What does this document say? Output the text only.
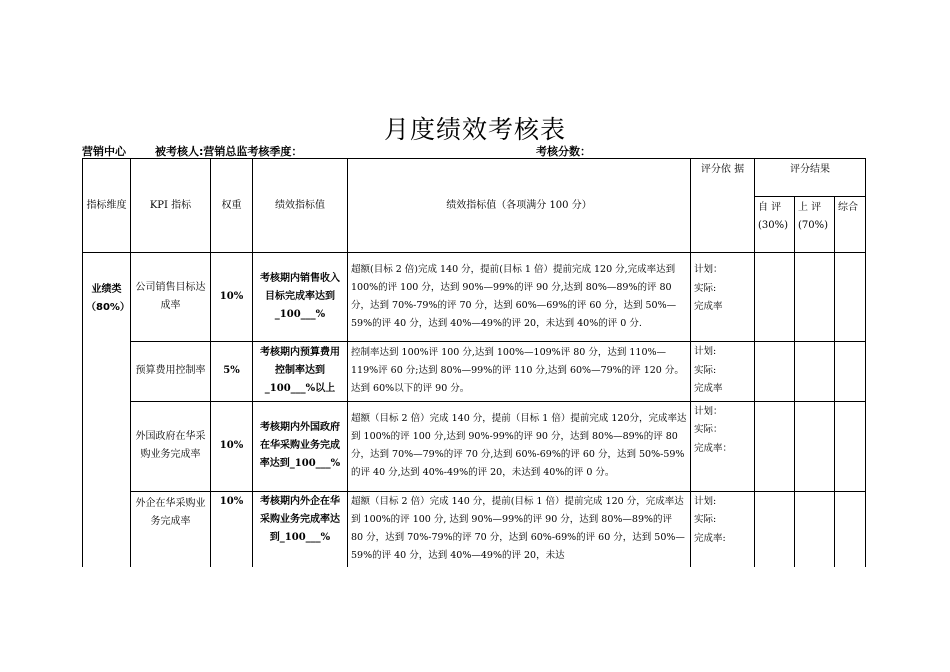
月度绩效考核表
营销中心	被考核人:营销总监考核季度：	考核分数：
指标维度	KPI 指标	权重	绩效指标值	绩效指标值（各项满分 100 分）	评分依 据	评分结果		
						自 评(30%)	上 评(70%)	综合
业绩类（80%）	公司销售目标达成率	10%	考核期内销售收入目标完成率达到_100___%	超额(目标 2 倍)完成 140 分，提前(目标 1 倍）提前完成 120 分,完成率达到 100%的评 100 分，达到 90%—99%的评 90 分,达到 80%—89%的评 80 分，达到 70%-79%的评 70 分，达到 60%—69%的评 60 分，达到 50%—59%的评 40 分，达到 40%—49%的评 20，未达到 40%的评 0 分.	计划：
实际:
完成率			

	预算费用控制率	5%	考核期内预算费用控制率达到_100___%以上	控制率达到 100%评 100 分,达到 100%—109%评 80 分，达到 110%—119%评 60 分;达到 80%—99%的评 110 分,达到 60%—79%的评 120 分。达到 60%以下的评 90 分。	计划:
实际:
完成率			

	外国政府在华采购业务完成率	10%	考核期内外国政府在华采购业务完成率达到_100___%	超额（目标 2 倍）完成 140 分，提前（目标 1 倍）提前完成 120分，完成率达到 100%的评 100 分,达到 90%-99%的评 90 分，达到 80%—89%的评 80 分，达到 70%—79%的评 70 分,达到 60%-69%的评 60 分，达到 50%-59%的评 40 分,达到 40%-49%的评 20，未达到 40%的评 0 分。	计划：
实际：
完成率：			

	外企在华采购业务完成率	10%	考核期内外企在华采购业务完成率达到_100___%	超额（目标 2 倍）完成 140 分，提前(目标 1 倍）提前完成 120 分，完成率达到 100%的评 100 分, 达到 90%—99%的评 90 分，达到 80%—89%的评 80 分，达到 70%-79%的评 70 分，达到 60%-69%的评 60 分，达到 50%—59%的评 40 分，达到 40%—49%的评 20，未达	计划:
实际:
完成率:			
